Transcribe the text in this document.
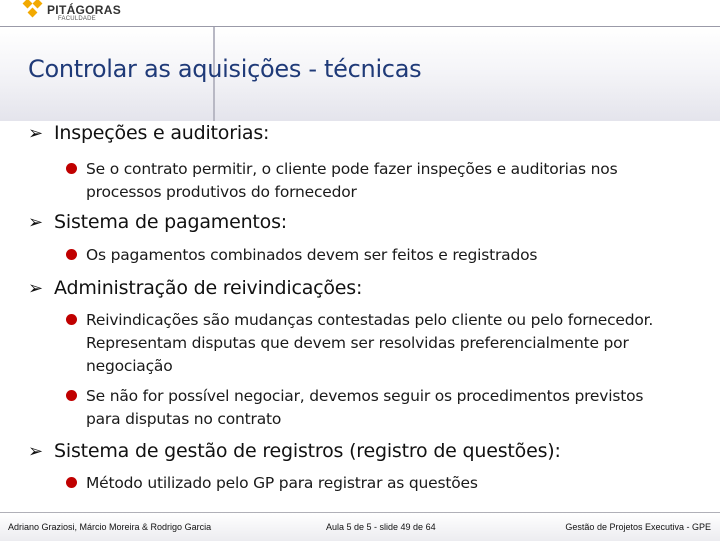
PITÁGORAS
FACULDADE
Controlar as aquisições - técnicas
➢ Inspeções e auditorias:
Se o contrato permitir, o cliente pode fazer inspeções e auditorias nos
processos produtivos do fornecedor
➢ Sistema de pagamentos:
Os pagamentos combinados devem ser feitos e registrados
➢ Administração de reivindicações:
Reivindicações são mudanças contestadas pelo cliente ou pelo fornecedor.
Representam disputas que devem ser resolvidas preferencialmente por
negociação
Se não for possível negociar, devemos seguir os procedimentos previstos
para disputas no contrato
➢ Sistema de gestão de registros (registro de questões):
Método utilizado pelo GP para registrar as questões
Adriano Graziosi, Márcio Moreira & Rodrigo Garcia	Aula 5 de 5 - slide 49 de 64	Gestão de Projetos Executiva - GPE
